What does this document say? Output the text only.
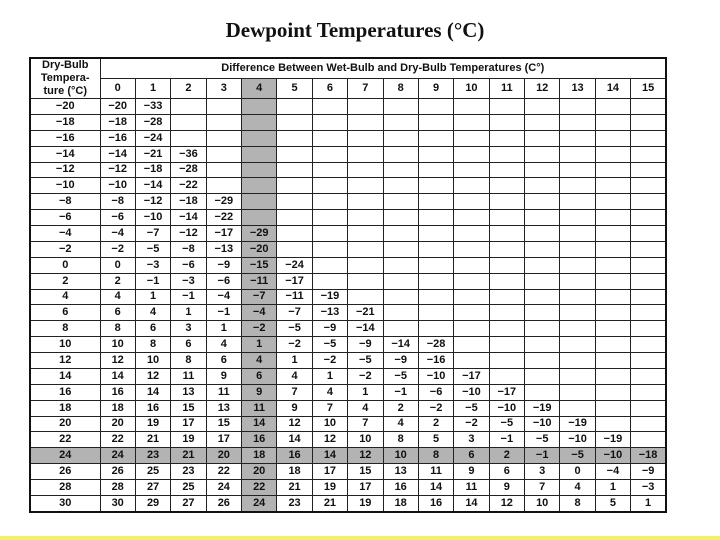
Dewpoint Temperatures (°C)
Dry-Bulb Tempera-ture (°C)	Difference Between Wet-Bulb and Dry-Bulb Temperatures (C°)															
	0	1	2	3	4	5	6	7	8	9	10	11	12	13	14	15
−20	−20	−33														
−18	−18	−28														
−16	−16	−24														
−14	−14	−21	−36													
−12	−12	−18	−28													
−10	−10	−14	−22													
−8	−8	−12	−18	−29												
−6	−6	−10	−14	−22												
−4	−4	−7	−12	−17	−29											
−2	−2	−5	−8	−13	−20											
0	0	−3	−6	−9	−15	−24										
2	2	−1	−3	−6	−11	−17										
4	4	1	−1	−4	−7	−11	−19									
6	6	4	1	−1	−4	−7	−13	−21								
8	8	6	3	1	−2	−5	−9	−14								
10	10	8	6	4	1	−2	−5	−9	−14	−28						
12	12	10	8	6	4	1	−2	−5	−9	−16						
14	14	12	11	9	6	4	1	−2	−5	−10	−17					
16	16	14	13	11	9	7	4	1	−1	−6	−10	−17				
18	18	16	15	13	11	9	7	4	2	−2	−5	−10	−19			
20	20	19	17	15	14	12	10	7	4	2	−2	−5	−10	−19		
22	22	21	19	17	16	14	12	10	8	5	3	−1	−5	−10	−19	
24	24	23	21	20	18	16	14	12	10	8	6	2	−1	−5	−10	−18
26	26	25	23	22	20	18	17	15	13	11	9	6	3	0	−4	−9
28	28	27	25	24	22	21	19	17	16	14	11	9	7	4	1	−3
30	30	29	27	26	24	23	21	19	18	16	14	12	10	8	5	1
